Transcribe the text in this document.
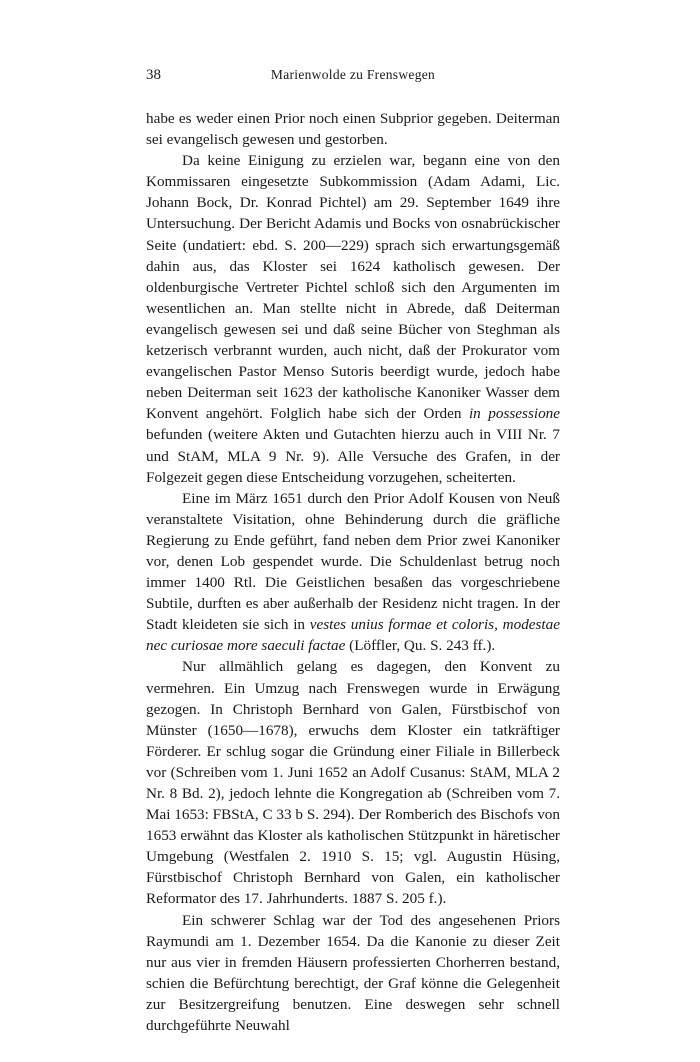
38	Marienwolde zu Frenswegen

habe es weder einen Prior noch einen Subprior gegeben. Deiterman sei evangelisch gewesen und gestorben.

Da keine Einigung zu erzielen war, begann eine von den Kommissaren eingesetzte Subkommission (Adam Adami, Lic. Johann Bock, Dr. Konrad Pichtel) am 29. September 1649 ihre Untersuchung. Der Bericht Adamis und Bocks von osnabrückischer Seite (undatiert: ebd. S. 200—229) sprach sich erwartungsgemäß dahin aus, das Kloster sei 1624 katholisch gewesen. Der oldenburgische Vertreter Pichtel schloß sich den Argumenten im wesentlichen an. Man stellte nicht in Abrede, daß Deiterman evangelisch gewesen sei und daß seine Bücher von Steghman als ketzerisch verbrannt wurden, auch nicht, daß der Prokurator vom evangelischen Pastor Menso Sutoris beerdigt wurde, jedoch habe neben Deiterman seit 1623 der katholische Kanoniker Wasser dem Konvent angehört. Folglich habe sich der Orden in possessione befunden (weitere Akten und Gutachten hierzu auch in VIII Nr. 7 und StAM, MLA 9 Nr. 9). Alle Versuche des Grafen, in der Folgezeit gegen diese Entscheidung vorzugehen, scheiterten.

Eine im März 1651 durch den Prior Adolf Kousen von Neuß veranstaltete Visitation, ohne Behinderung durch die gräfliche Regierung zu Ende geführt, fand neben dem Prior zwei Kanoniker vor, denen Lob gespendet wurde. Die Schuldenlast betrug noch immer 1400 Rtl. Die Geistlichen besaßen das vorgeschriebene Subtile, durften es aber außerhalb der Residenz nicht tragen. In der Stadt kleideten sie sich in vestes unius formae et coloris, modestae nec curiosae more saeculi factae (Löffler, Qu. S. 243 ff.).

Nur allmählich gelang es dagegen, den Konvent zu vermehren. Ein Umzug nach Frenswegen wurde in Erwägung gezogen. In Christoph Bernhard von Galen, Fürstbischof von Münster (1650—1678), erwuchs dem Kloster ein tatkräftiger Förderer. Er schlug sogar die Gründung einer Filiale in Billerbeck vor (Schreiben vom 1. Juni 1652 an Adolf Cusanus: StAM, MLA 2 Nr. 8 Bd. 2), jedoch lehnte die Kongregation ab (Schreiben vom 7. Mai 1653: FBStA, C 33 b S. 294). Der Romberich des Bischofs von 1653 erwähnt das Kloster als katholischen Stützpunkt in häretischer Umgebung (Westfalen 2. 1910 S. 15; vgl. Augustin Hüsing, Fürstbischof Christoph Bernhard von Galen, ein katholischer Reformator des 17. Jahrhunderts. 1887 S. 205 f.).

Ein schwerer Schlag war der Tod des angesehenen Priors Raymundi am 1. Dezember 1654. Da die Kanonie zu dieser Zeit nur aus vier in fremden Häusern professierten Chorherren bestand, schien die Befürchtung berechtigt, der Graf könne die Gelegenheit zur Besitzergreifung benutzen. Eine deswegen sehr schnell durchgeführte Neuwahl
